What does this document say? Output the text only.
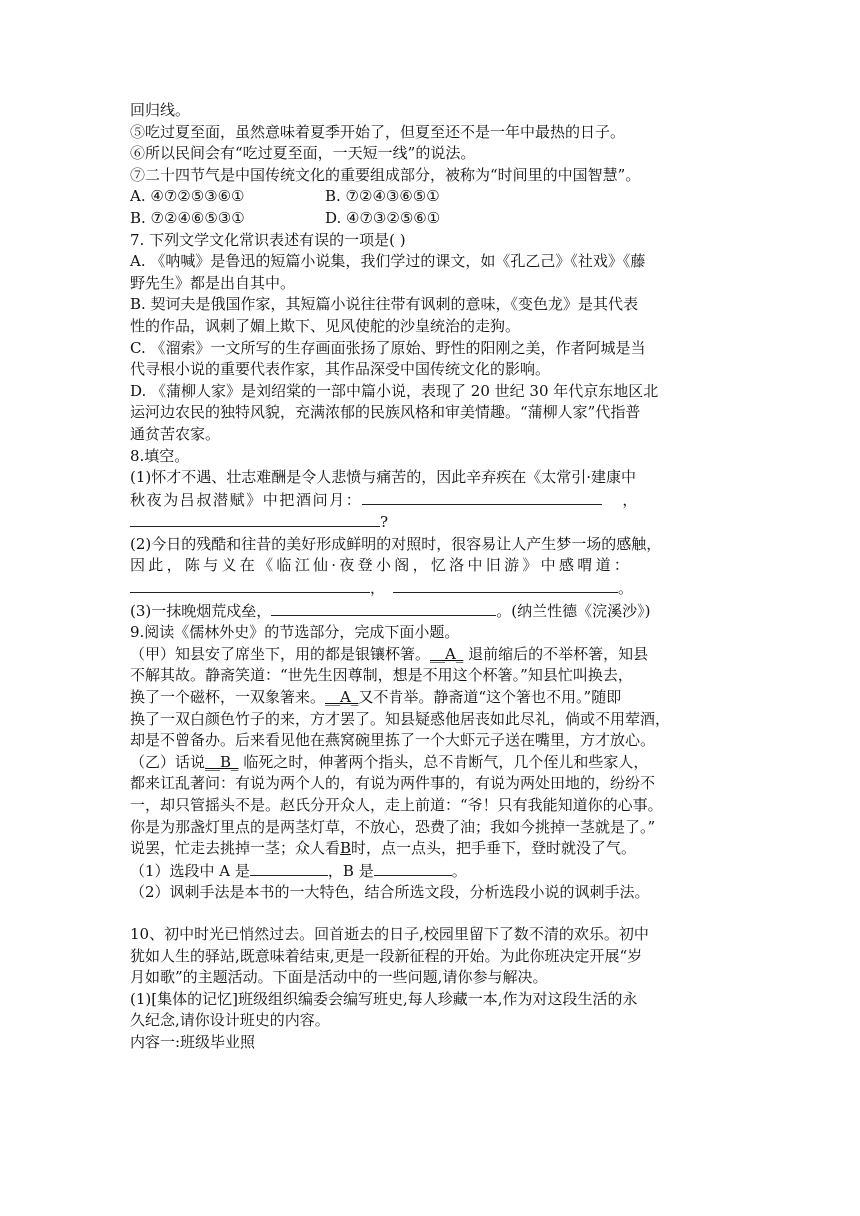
回归线。

⑤吃过夏至面，虽然意味着夏季开始了，但夏至还不是一年中最热的日子。

⑥所以民间会有“吃过夏至面，一天短一线”的说法。

⑦二十四节气是中国传统文化的重要组成部分，被称为“时间里的中国智慧”。

A. ④⑦②⑤③⑥①	B. ⑦②④③⑥⑤①
B. ⑦②④⑥⑤③①	D. ④⑦③②⑤⑥①

7. 下列文学文化常识表述有误的一项是( )

A. 《呐喊》是鲁迅的短篇小说集，我们学过的课文，如《孔乙己》《社戏》《藤

野先生》都是出自其中。

B. 契诃夫是俄国作家，其短篇小说往往带有讽刺的意味，《变色龙》是其代表

性的作品，讽刺了媚上欺下、见风使舵的沙皇统治的走狗。

C. 《溜索》一文所写的生存画面张扬了原始、野性的阳刚之美，作者阿城是当

代寻根小说的重要代表作家，其作品深受中国传统文化的影响。

D. 《蒲柳人家》是刘绍棠的一部中篇小说，表现了 20 世纪 30 年代京东地区北

运河边农民的独特风貌，充满浓郁的民族风格和审美情趣。“蒲柳人家”代指普

通贫苦农家。

8.填空。

(1)怀才不遇、壮志难酬是令人悲愤与痛苦的，因此辛弃疾在《太常引·建康中

秋夜为吕叔潜赋》中把酒问月：	，

?

(2)今日的残酷和往昔的美好形成鲜明的对照时，很容易让人产生梦一场的感触，

因此，陈与义在《临江仙·夜登小阁，忆洛中旧游》中感喟道：

，	。

(3)一抹晚烟荒戍垒，	。(纳兰性德《浣溪沙》)

9.阅读《儒林外史》的节选部分，完成下面小题。

（甲）知县安了席坐下，用的都是银镶杯箸。__A_ 退前缩后的不举杯箸，知县

不解其故。静斋笑道：“世先生因尊制，想是不用这个杯箸。”知县忙叫换去，

换了一个磁杯，一双象箸来。__A_又不肯举。静斋道“这个箸也不用。”随即

换了一双白颜色竹子的来，方才罢了。知县疑惑他居丧如此尽礼，倘或不用荤酒，

却是不曾备办。后来看见他在燕窝碗里拣了一个大虾元子送在嘴里，方才放心。

（乙）话说__B_ 临死之时，伸著两个指头，总不肯断气，几个侄儿和些家人，

都来讧乱著问：有说为两个人的，有说为两件事的，有说为两处田地的，纷纷不

一，却只管摇头不是。赵氏分开众人，走上前道：“爷！只有我能知道你的心事。

你是为那盏灯里点的是两茎灯草，不放心，恐费了油；我如今挑掉一茎就是了。”

说罢，忙走去挑掉一茎；众人看B时，点一点头，把手垂下，登时就没了气。

（1）选段中 A 是	，B 是	。

（2）讽刺手法是本书的一大特色，结合所选文段，分析选段小说的讽刺手法。

10、初中时光已悄然过去。回首逝去的日子,校园里留下了数不清的欢乐。初中

犹如人生的驿站,既意味着结束,更是一段新征程的开始。为此你班决定开展“岁

月如歌”的主题活动。下面是活动中的一些问题,请你参与解决。

(1)[集体的记忆]班级组织编委会编写班史,每人珍藏一本,作为对这段生活的永

久纪念,请你设计班史的内容。

内容一:班级毕业照
